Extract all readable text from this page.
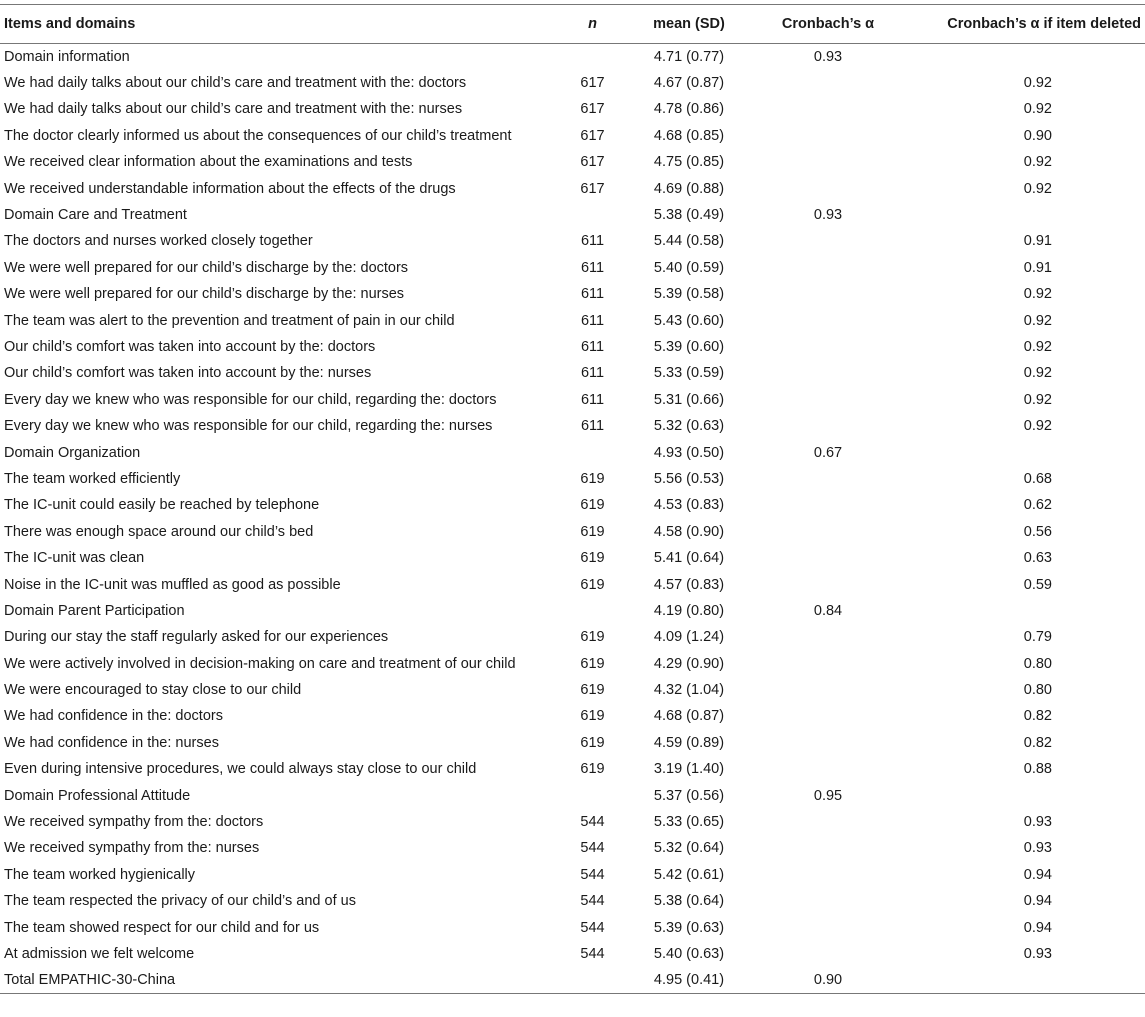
Items and domains	n	mean (SD)	Cronbach’s α	Cronbach’s α if item deleted
Domain information		4.71 (0.77)	0.93	
We had daily talks about our child’s care and treatment with the: doctors	617	4.67 (0.87)		0.92
We had daily talks about our child’s care and treatment with the: nurses	617	4.78 (0.86)		0.92
The doctor clearly informed us about the consequences of our child’s treatment	617	4.68 (0.85)		0.90
We received clear information about the examinations and tests	617	4.75 (0.85)		0.92
We received understandable information about the effects of the drugs	617	4.69 (0.88)		0.92
Domain Care and Treatment		5.38 (0.49)	0.93	
The doctors and nurses worked closely together	611	5.44 (0.58)		0.91
We were well prepared for our child’s discharge by the: doctors	611	5.40 (0.59)		0.91
We were well prepared for our child’s discharge by the: nurses	611	5.39 (0.58)		0.92
The team was alert to the prevention and treatment of pain in our child	611	5.43 (0.60)		0.92
Our child’s comfort was taken into account by the: doctors	611	5.39 (0.60)		0.92
Our child’s comfort was taken into account by the: nurses	611	5.33 (0.59)		0.92
Every day we knew who was responsible for our child, regarding the: doctors	611	5.31 (0.66)		0.92
Every day we knew who was responsible for our child, regarding the: nurses	611	5.32 (0.63)		0.92
Domain Organization		4.93 (0.50)	0.67	
The team worked efficiently	619	5.56 (0.53)		0.68
The IC-unit could easily be reached by telephone	619	4.53 (0.83)		0.62
There was enough space around our child’s bed	619	4.58 (0.90)		0.56
The IC-unit was clean	619	5.41 (0.64)		0.63
Noise in the IC-unit was muffled as good as possible	619	4.57 (0.83)		0.59
Domain Parent Participation		4.19 (0.80)	0.84	
During our stay the staff regularly asked for our experiences	619	4.09 (1.24)		0.79
We were actively involved in decision-making on care and treatment of our child	619	4.29 (0.90)		0.80
We were encouraged to stay close to our child	619	4.32 (1.04)		0.80
We had confidence in the: doctors	619	4.68 (0.87)		0.82
We had confidence in the: nurses	619	4.59 (0.89)		0.82
Even during intensive procedures, we could always stay close to our child	619	3.19 (1.40)		0.88
Domain Professional Attitude		5.37 (0.56)	0.95	
We received sympathy from the: doctors	544	5.33 (0.65)		0.93
We received sympathy from the: nurses	544	5.32 (0.64)		0.93
The team worked hygienically	544	5.42 (0.61)		0.94
The team respected the privacy of our child’s and of us	544	5.38 (0.64)		0.94
The team showed respect for our child and for us	544	5.39 (0.63)		0.94
At admission we felt welcome	544	5.40 (0.63)		0.93
Total EMPATHIC-30-China		4.95 (0.41)	0.90	
